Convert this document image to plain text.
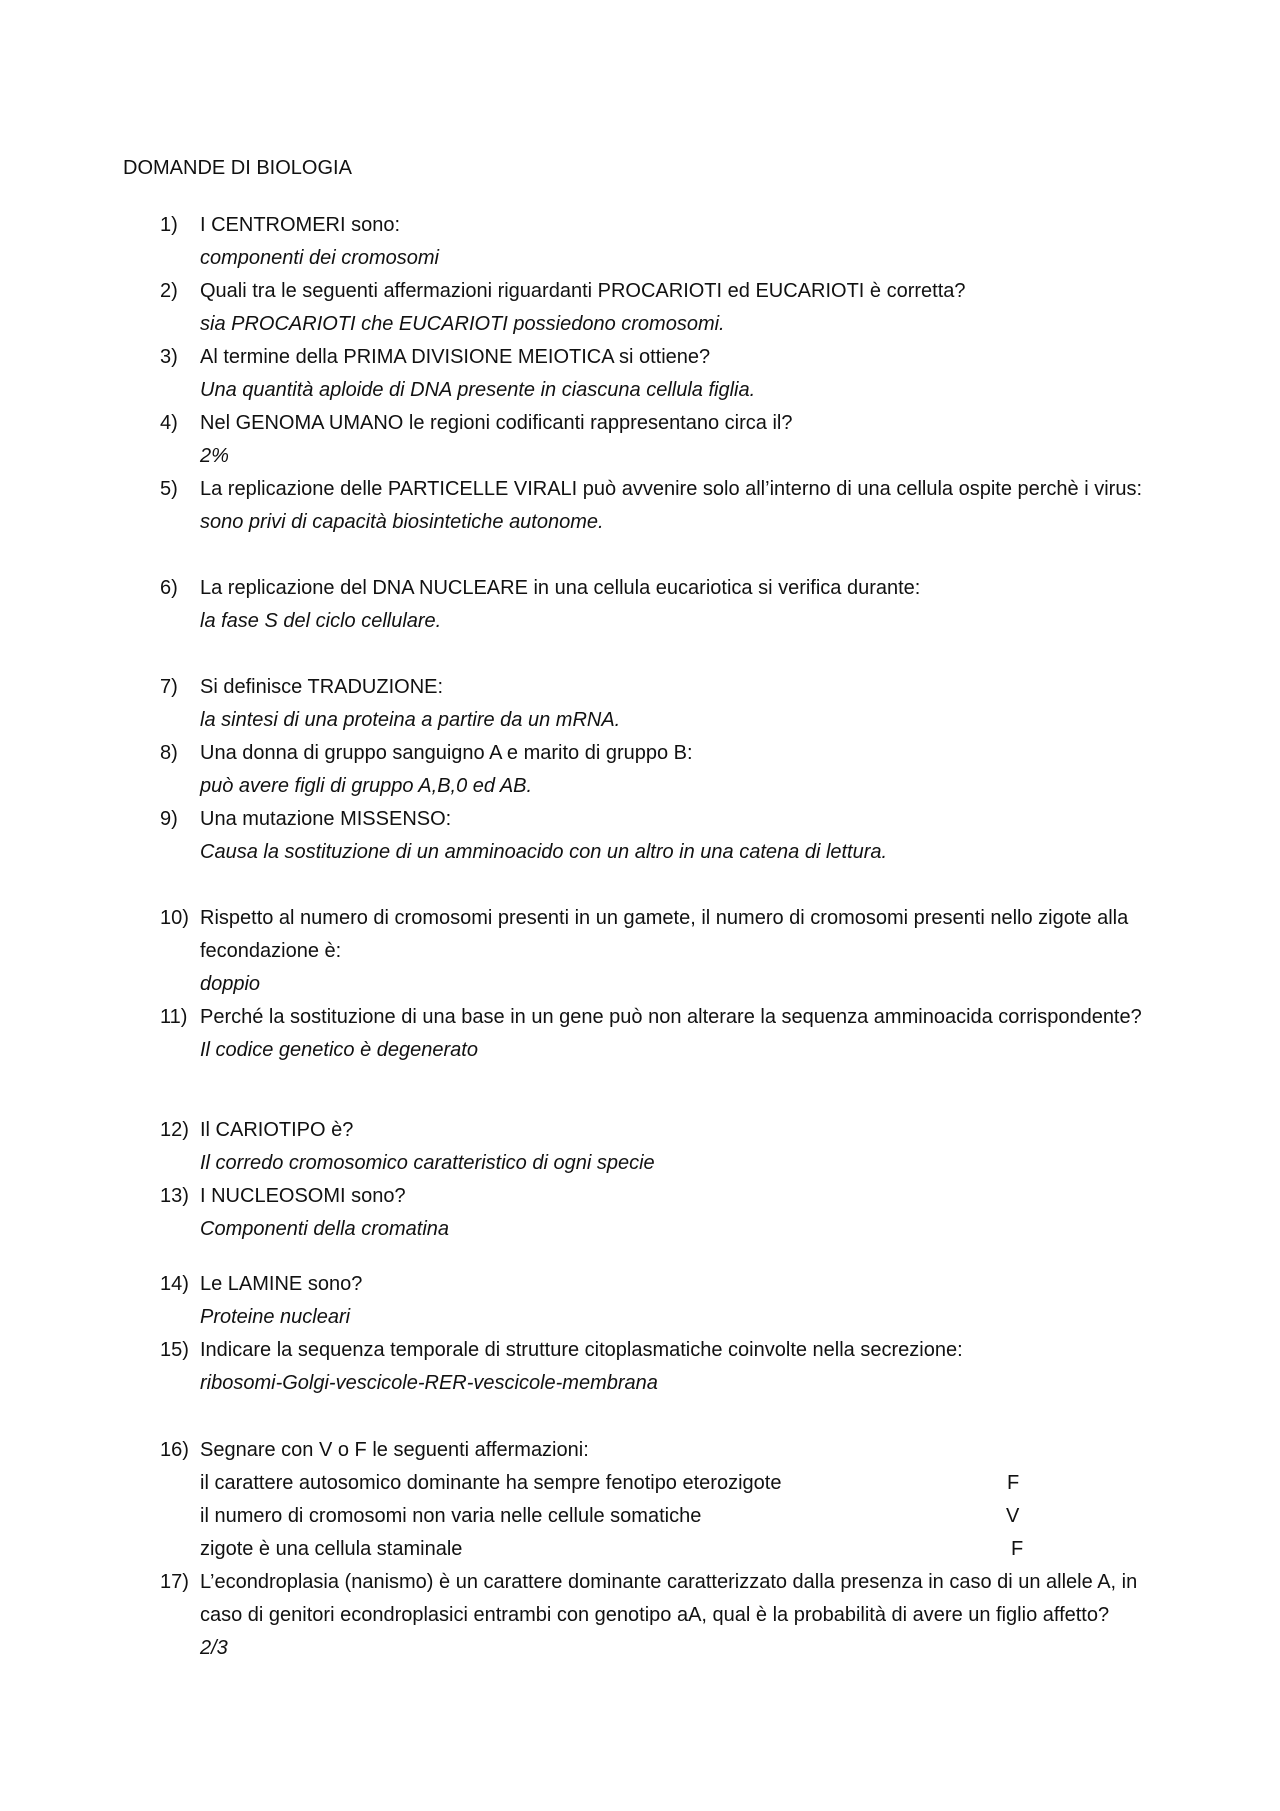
DOMANDE DI BIOLOGIA
1)	I CENTROMERI sono:
componenti dei cromosomi
2)	Quali tra le seguenti affermazioni riguardanti PROCARIOTI ed EUCARIOTI è corretta?
sia PROCARIOTI che EUCARIOTI possiedono cromosomi.
3)	Al termine della PRIMA DIVISIONE MEIOTICA si ottiene?
Una quantità aploide di DNA presente in ciascuna cellula figlia.
4)	Nel GENOMA UMANO le regioni codificanti rappresentano circa il?
2%
5)	La replicazione delle PARTICELLE VIRALI può avvenire solo all’interno di una cellula ospite perchè i virus:
sono privi di capacità biosintetiche autonome.
6)	La replicazione del DNA NUCLEARE in una cellula eucariotica si verifica durante:
la fase S del ciclo cellulare.
7)	Si definisce TRADUZIONE:
la sintesi di una proteina a partire da un mRNA.
8)	Una donna di gruppo sanguigno A e marito di gruppo B:
può avere figli di gruppo A,B,0 ed AB.
9)	Una mutazione MISSENSO:
Causa la sostituzione di un amminoacido con un altro in una catena di lettura.
10) Rispetto al numero di cromosomi presenti in un gamete, il numero di cromosomi presenti nello zigote alla fecondazione è:
doppio
11) Perché la sostituzione di una base in un gene può non alterare la sequenza amminoacida corrispondente?
Il codice genetico è degenerato
12) Il CARIOTIPO è?
Il corredo cromosomico caratteristico di ogni specie
13) I NUCLEOSOMI sono?
Componenti della cromatina
14) Le LAMINE sono?
Proteine nucleari
15) Indicare la sequenza temporale di strutture citoplasmatiche coinvolte nella secrezione:
ribosomi-Golgi-vescicole-RER-vescicole-membrana
16) Segnare con V o F le seguenti affermazioni:
il carattere autosomico dominante ha sempre fenotipo eterozigote	F
il numero di cromosomi non varia nelle cellule somatiche	V
zigote è una cellula staminale	F
17) L’econdroplasia (nanismo) è un carattere dominante caratterizzato dalla presenza in caso di un allele A, in caso di genitori econdroplasici entrambi con genotipo aA, qual è la probabilità di avere un figlio affetto?
2/3
